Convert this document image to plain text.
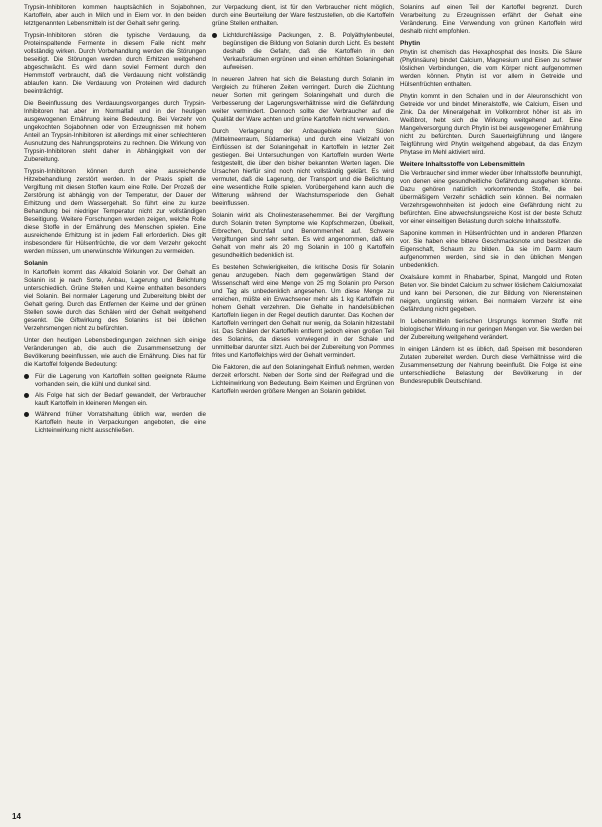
Trypsin-Inhibitoren kommen hauptsächlich in Sojabohnen, Kartoffeln, aber auch in Milch und in Eiern vor. In den beiden letztgenannten Lebensmitteln ist der Gehalt sehr gering.

Trypsin-Inhibitoren stören die typische Verdauung, da Proteinspaltende Fermente in diesem Falle nicht mehr vollständig wirken. Durch Vorbehandlung werden die Störungen beseitigt. Die Störungen werden durch Erhitzen weitgehend abgeschwächt. Es wird dann soviel Ferment durch den Hemmstoff verbraucht, daß die Verdauung nicht vollständig ablaufen kann. Die Verdauung von Proteinen wird dadurch beeinträchtigt.

Die Beeinflussung des Verdauungsvorganges durch Trypsin-Inhibitoren hat aber im Normalfall und in der heutigen ausgewogenen Ernährung keine Bedeutung. Bei Verzehr von ungekochten Sojabohnen oder von Erzeugnissen mit hohem Anteil an Trypsin-Inhibitoren ist allerdings mit einer schlechteren Ausnutzung des Nahrungsproteins zu rechnen. Die Wirkung von Trypsin-Inhibitoren steht daher in Abhängigkeit von der Zubereitung.

Trypsin-Inhibitoren können durch eine ausreichende Hitzebehandlung zerstört werden. In der Praxis spielt die Vergiftung mit diesen Stoffen kaum eine Rolle. Der Prozeß der Zerstörung ist abhängig von der Temperatur, der Dauer der Erhitzung und dem Wassergehalt. So führt eine zu kurze Behandlung bei niedriger Temperatur nicht zur vollständigen Beseitigung. Weitere Forschungen werden zeigen, welche Rolle diese Stoffe in der Ernährung des Menschen spielen. Eine ausreichende Erhitzung ist in jedem Fall erforderlich. Dies gilt insbesondere für Hülsenfrüchte, die vor dem Verzehr gekocht werden müssen, um unerwünschte Wirkungen zu vermeiden.

Solanin

In Kartoffeln kommt das Alkaloid Solanin vor. Der Gehalt an Solanin ist je nach Sorte, Anbau, Lagerung und Belichtung unterschiedlich. Grüne Stellen und Keime enthalten besonders viel Solanin. Bei normaler Lagerung und Zubereitung bleibt der Gehalt gering. Durch das Entfernen der Keime und der grünen Stellen sowie durch das Schälen wird der Gehalt weitgehend gesenkt. Die Giftwirkung des Solanins ist bei üblichen Verzehrsmengen nicht zu befürchten.

Unter den heutigen Lebensbedingungen zeichnen sich einige Veränderungen ab, die auch die Zusammensetzung der Bevölkerung beeinflussen, wie auch die Ernährung. Dies hat für die Kartoffel folgende Bedeutung:

Für die Lagerung von Kartoffeln sollten geeignete Räume vorhanden sein, die kühl und dunkel sind.
Als Folge hat sich der Bedarf gewandelt, der Verbraucher kauft Kartoffeln in kleineren Mengen ein.
Während früher Vorratshaltung üblich war, werden die Kartoffeln heute in Verpackungen angeboten, die eine Lichteinwirkung nicht ausschließen.

zur Verpackung dient, ist für den Verbraucher nicht möglich, durch eine Beurteilung der Ware festzustellen, ob die Kartoffeln grüne Stellen enthalten.

Lichtdurchlässige Packungen, z. B. Polyäthylenbeutel, begünstigen die Bildung von Solanin durch Licht. Es besteht deshalb die Gefahr, daß die Kartoffeln in den Verkaufsräumen ergrünen und einen erhöhten Solaningehalt aufweisen.

In neueren Jahren hat sich die Belastung durch Solanin im Vergleich zu früheren Zeiten verringert. Durch die Züchtung neuer Sorten mit geringem Solaningehalt und durch die Verbesserung der Lagerungsverhältnisse wird die Gefährdung weiter vermindert. Dennoch sollte der Verbraucher auf die Qualität der Ware achten und grüne Kartoffeln nicht verwenden.

Durch Verlagerung der Anbaugebiete nach Süden (Mittelmeerraum, Südamerika) und durch eine Vielzahl von Einflüssen ist der Solaningehalt in Kartoffeln in letzter Zeit gestiegen. Bei Untersuchungen von Kartoffeln wurden Werte festgestellt, die über den bisher bekannten Werten lagen. Die Ursachen hierfür sind noch nicht vollständig geklärt. Es wird vermutet, daß die Lagerung, der Transport und die Belichtung eine wesentliche Rolle spielen. Vorübergehend kann auch die Witterung während der Wachstumsperiode den Gehalt beeinflussen.

Solanin wirkt als Cholinesterasehemmer. Bei der Vergiftung durch Solanin treten Symptome wie Kopfschmerzen, Übelkeit, Erbrechen, Durchfall und Benommenheit auf. Schwere Vergiftungen sind sehr selten. Es wird angenommen, daß ein Gehalt von mehr als 20 mg Solanin in 100 g Kartoffeln gesundheitlich bedenklich ist.

Es bestehen Schwierigkeiten, die kritische Dosis für Solanin genau anzugeben. Nach dem gegenwärtigen Stand der Wissenschaft wird eine Menge von 25 mg Solanin pro Person und Tag als unbedenklich angesehen. Um diese Menge zu erreichen, müßte ein Erwachsener mehr als 1 kg Kartoffeln mit hohem Gehalt verzehren. Die Gehalte in handelsüblichen Kartoffeln liegen in der Regel deutlich darunter. Das Kochen der Kartoffeln verringert den Gehalt nur wenig, da Solanin hitzestabil ist. Das Schälen der Kartoffeln entfernt jedoch einen großen Teil des Solanins, da dieses vorwiegend in der Schale und unmittelbar darunter sitzt. Auch bei der Zubereitung von Pommes frites und Kartoffelchips wird der Gehalt vermindert.

Die Faktoren, die auf den Solaningehalt Einfluß nehmen, werden derzeit erforscht. Neben der Sorte sind der Reifegrad und die Lichteinwirkung von Bedeutung. Beim Keimen und Ergrünen von Kartoffeln werden größere Mengen an Solanin gebildet.

Solanins auf einen Teil der Kartoffel begrenzt. Durch Verarbeitung zu Erzeugnissen erfährt der Gehalt eine Veränderung. Eine Verwendung von grünen Kartoffeln wird deshalb nicht empfohlen.

Phytin

Phytin ist chemisch das Hexaphosphat des Inosits. Die Säure (Phytinsäure) bindet Calcium, Magnesium und Eisen zu schwer löslichen Verbindungen, die vom Körper nicht aufgenommen werden können. Phytin ist vor allem in Getreide und Hülsenfrüchten enthalten.

Phytin kommt in den Schalen und in der Aleuronschicht von Getreide vor und bindet Mineralstoffe, wie Calcium, Eisen und Zink. Da der Mineralgehalt im Vollkornbrot höher ist als im Weißbrot, hebt sich die Wirkung weitgehend auf. Eine Mangelversorgung durch Phytin ist bei ausgewogener Ernährung nicht zu befürchten. Durch Sauerteigführung und längere Teigführung wird Phytin weitgehend abgebaut, da das Enzym Phytase im Mehl aktiviert wird.

Weitere Inhaltsstoffe von Lebensmitteln

Die Verbraucher sind immer wieder über Inhaltsstoffe beunruhigt, von denen eine gesundheitliche Gefährdung ausgehen könnte. Dazu gehören natürlich vorkommende Stoffe, die bei übermäßigem Verzehr schädlich sein können. Bei normalen Verzehrsgewohnheiten ist jedoch eine Gefährdung nicht zu befürchten. Eine abwechslungsreiche Kost ist der beste Schutz vor einer einseitigen Belastung durch solche Inhaltsstoffe.

Saponine kommen in Hülsenfrüchten und in anderen Pflanzen vor. Sie haben eine bittere Geschmacksnote und besitzen die Eigenschaft, Schaum zu bilden. Da sie im Darm kaum aufgenommen werden, sind sie in den üblichen Mengen unbedenklich.

Oxalsäure kommt in Rhabarber, Spinat, Mangold und Roten Beten vor. Sie bindet Calcium zu schwer löslichem Calciumoxalat und kann bei Personen, die zur Bildung von Nierensteinen neigen, ungünstig wirken. Bei normalem Verzehr ist eine Gefährdung nicht gegeben.

In Lebensmitteln tierischen Ursprungs kommen Stoffe mit biologischer Wirkung in nur geringen Mengen vor. Sie werden bei der Zubereitung weitgehend verändert.

In einigen Ländern ist es üblich, daß Speisen mit besonderen Zutaten zubereitet werden. Durch diese Verhältnisse wird die Zusammensetzung der Nahrung beeinflußt. Die Folge ist eine unterschiedliche Belastung der Bevölkerung in der Bundesrepublik Deutschland.

14
